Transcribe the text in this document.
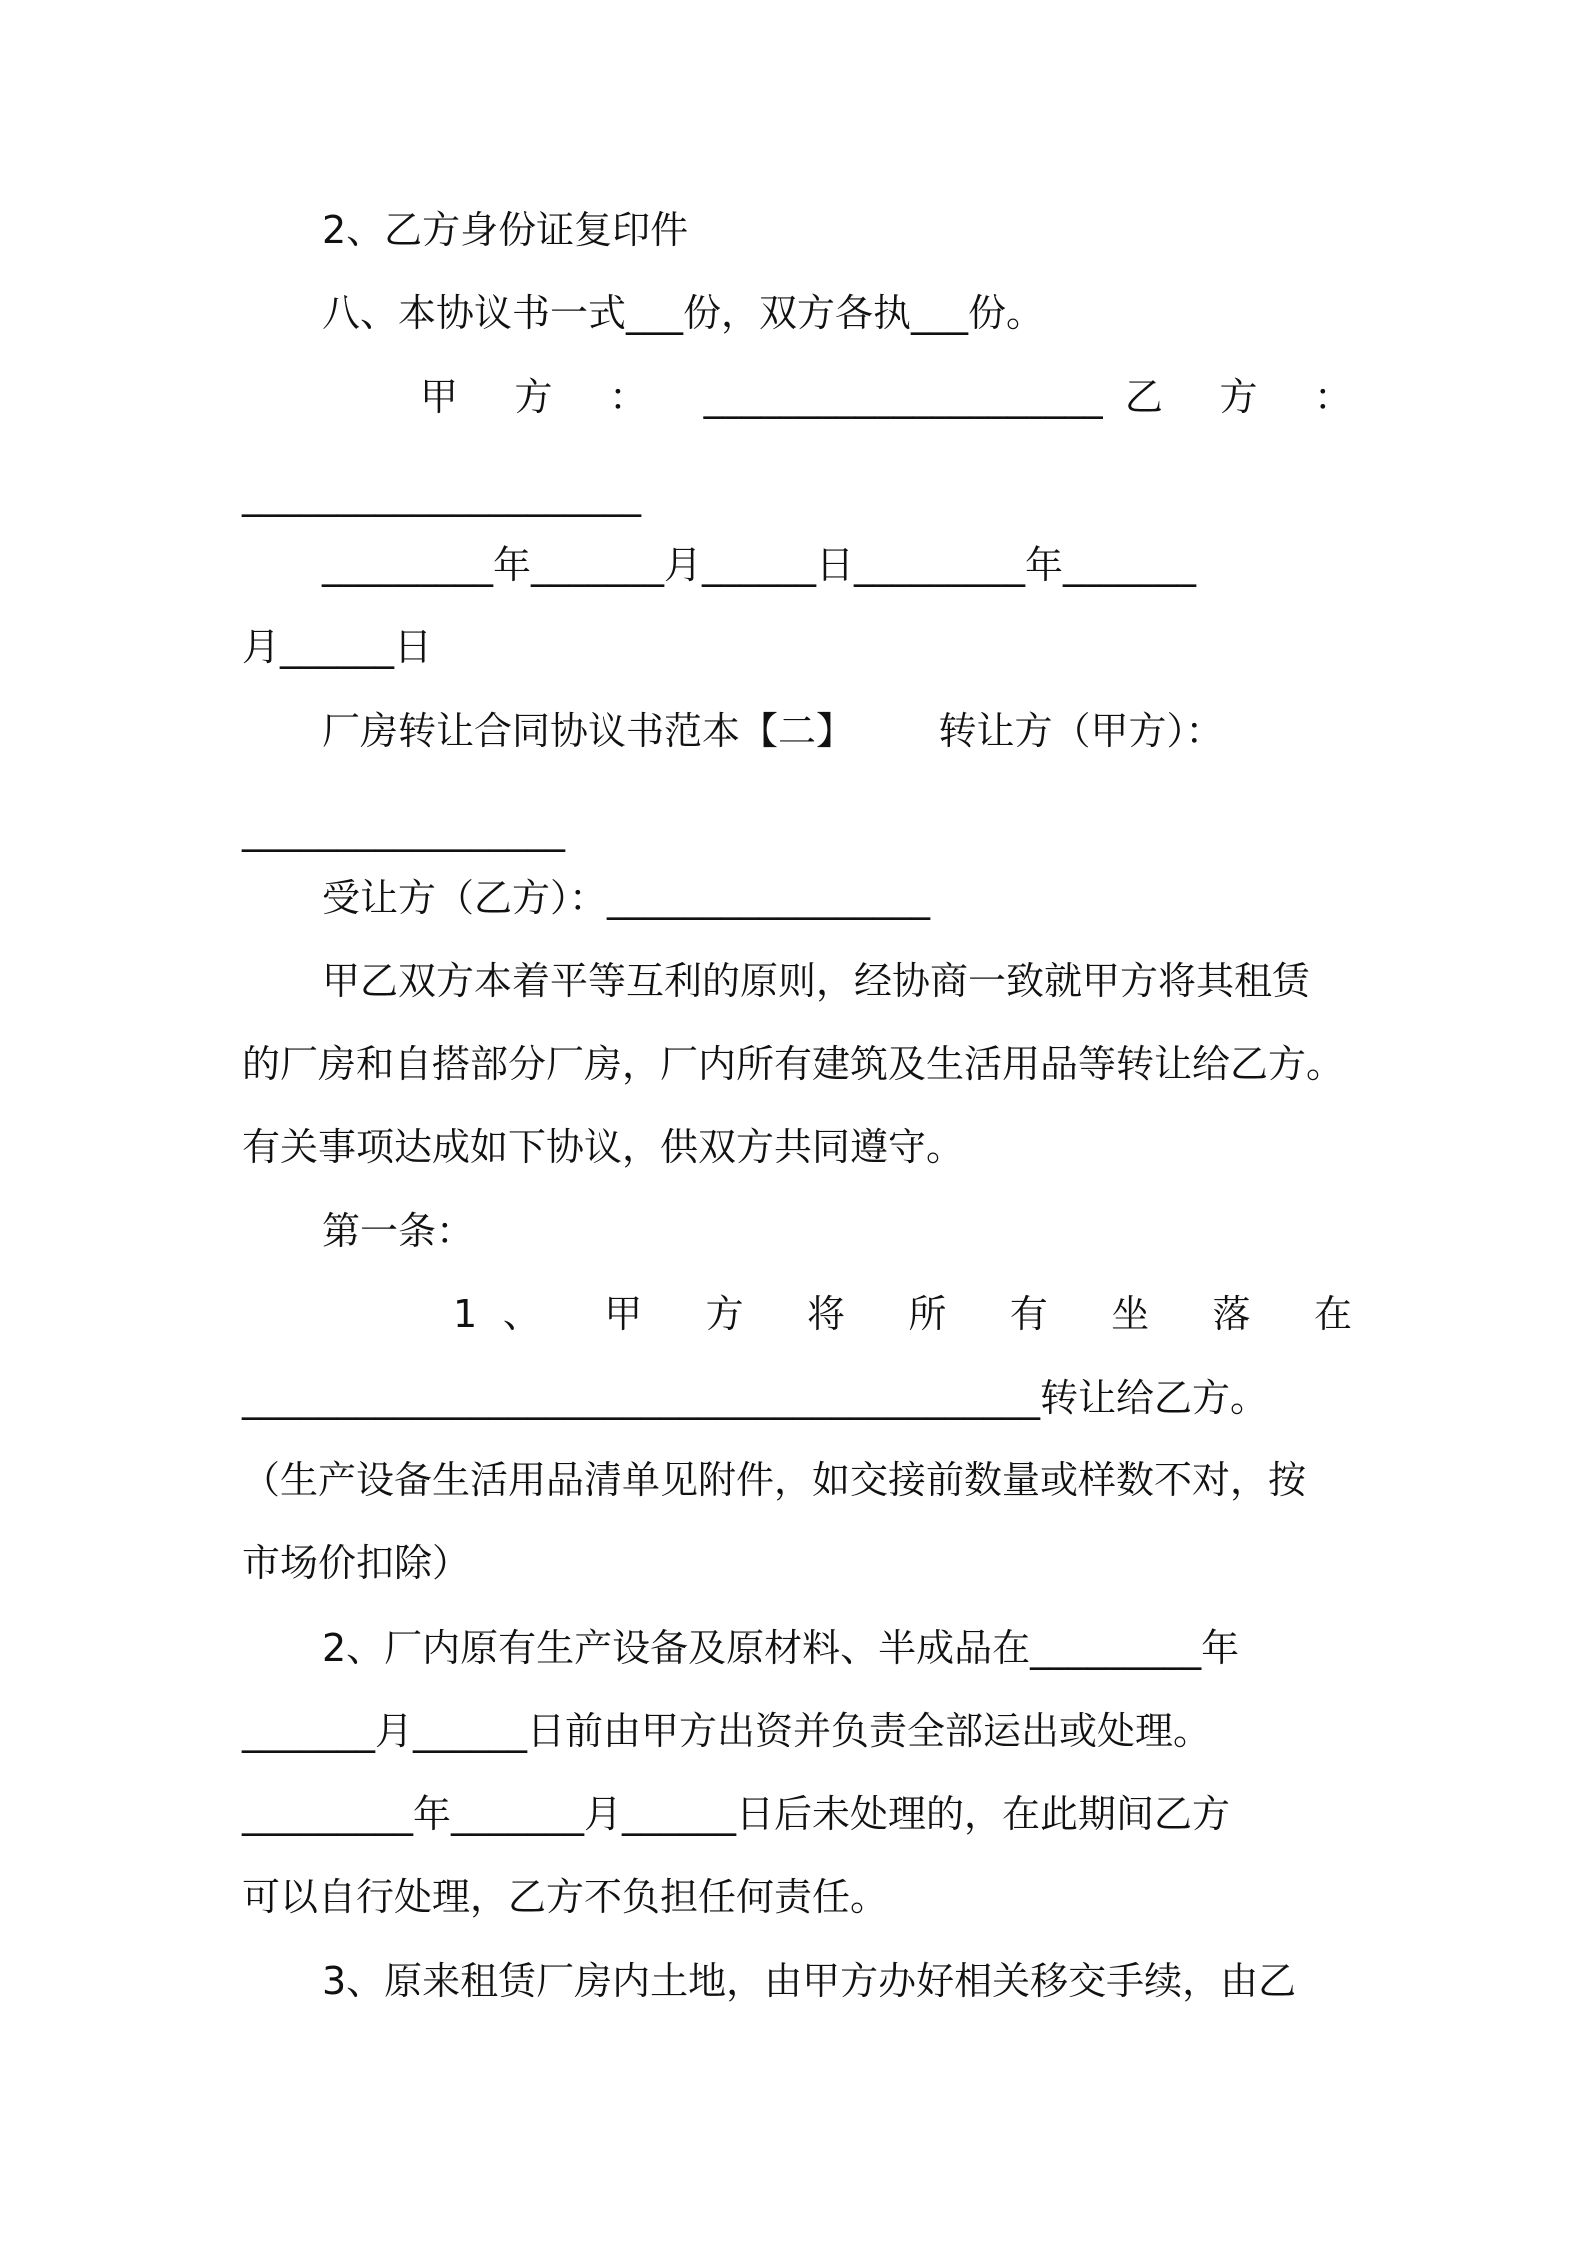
2、乙方身份证复印件
八、本协议书一式___份，双方各执___份。
甲 方 ： _____________________乙 方 ：
_____________________
_________年_______月______日_________年_______
月______日
厂房转让合同协议书范本【二】       转让方（甲方）：
_________________
受让方（乙方）：_________________
甲乙双方本着平等互利的原则，经协商一致就甲方将其租赁
的厂房和自搭部分厂房，厂内所有建筑及生活用品等转让给乙方。
有关事项达成如下协议，供双方共同遵守。
第一条：
1、 甲 方 将 所 有 坐 落 在
__________________________________________转让给乙方。
（生产设备生活用品清单见附件，如交接前数量或样数不对，按
市场价扣除）
2、厂内原有生产设备及原材料、半成品在_________年
_______月______日前由甲方出资并负责全部运出或处理。
_________年_______月______日后未处理的，在此期间乙方
可以自行处理，乙方不负担任何责任。
3、原来租赁厂房内土地，由甲方办好相关移交手续，由乙
